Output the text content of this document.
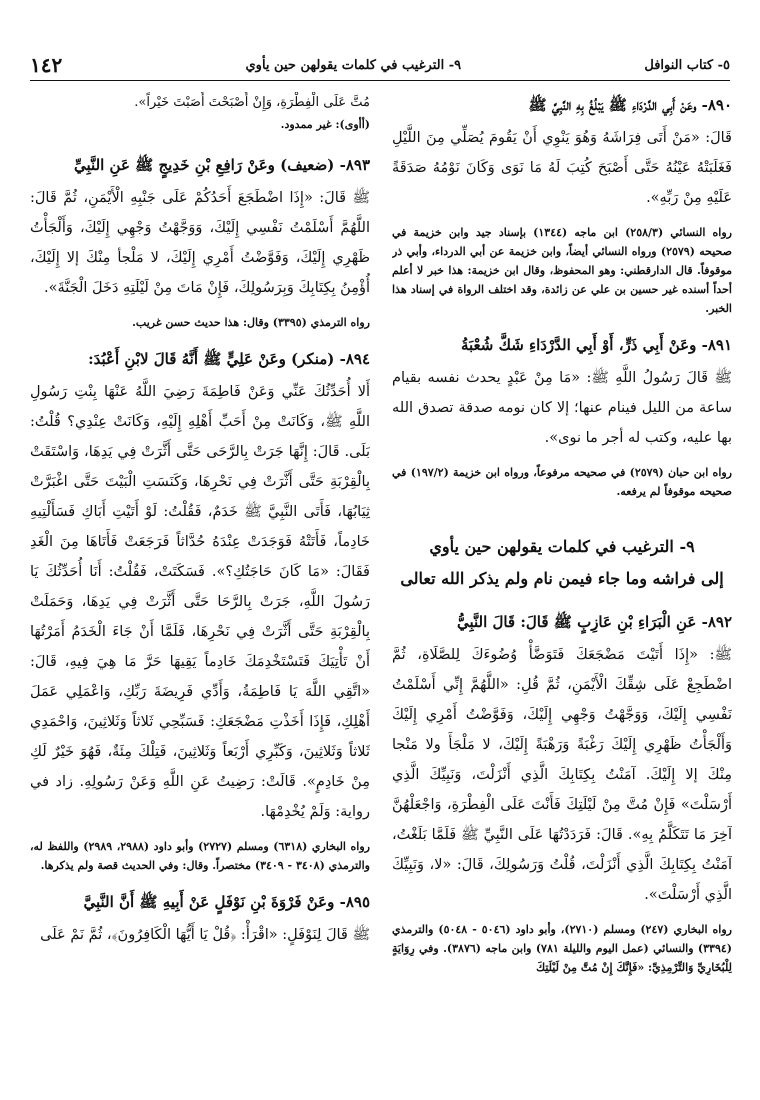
٥- كتاب النوافل
٩- الترغيب في كلمات يقولهن حين يأوي
١٤٢

٨٩٠- وعَنْ أَبِي الدَّرْدَاءِ ﷺ يَبْلُغُ بِهِ النَّبِيَّ ﷺ

قَالَ: «مَنْ أَتَى فِرَاشَهُ وَهُوَ يَنْوِي أَنْ يَقُومَ يُصَلِّي مِنَ اللَّيْلِ فَغَلَبَتْهُ عَيْنُهُ حَتَّى أَصْبَحَ كُتِبَ لَهُ مَا نَوَى وَكَانَ نَوْمُهُ صَدَقَةً عَلَيْهِ مِنْ رَبِّهِ».

رواه النسائي (٢٥٨/٣) ابن ماجه (١٣٤٤) بإسناد جيد وابن خزيمة في صحيحه (٢٥٧٩) ورواه النسائي أيضاً، وابن خزيمة عن أبي الدرداء، وأبي ذر موقوفاً. قال الدارقطني: وهو المحفوظ، وقال ابن خزيمة: هذا خبر لا أعلم أحداً أسنده غير حسين بن علي عن زائدة، وقد اختلف الرواة في إسناد هذا الخبر.

٨٩١- وعَنْ أَبِي ذَرٍّ، أَوْ أَبِي الدَّرْدَاءِ شَكَّ شُعْبَةُ

ﷺ قَالَ رَسُولُ اللَّهِ ﷺ: «مَا مِنْ عَبْدٍ يحدث نفسه بقيام ساعة من الليل فينام عنها؛ إلا كان نومه صدقة تصدق الله بها عليه، وكتب له أجر ما نوى».

رواه ابن حبان (٢٥٧٩) في صحيحه مرفوعاً، ورواه ابن خزيمة (١٩٧/٢) في صحيحه موقوفاً لم يرفعه.

٩- الترغيب في كلمات يقولهن حين يأوي
إلى فراشه وما جاء فيمن نام ولم يذكر الله تعالى

٨٩٢- عَنِ الْبَرَاءِ بْنِ عَازِبٍ ﷺ قَالَ: قَالَ النَّبِيُّ

ﷺ: «إِذَا أَتَيْتَ مَضْجَعَكَ فَتَوَضَّأْ وُضُوءَكَ لِلصَّلَاةِ، ثُمَّ اضْطَجِعْ عَلَى شِقِّكَ الْأَيْمَنِ، ثُمَّ قُلِ: «اللَّهُمَّ إِنِّي أَسْلَمْتُ نَفْسِي إِلَيْكَ، وَوَجَّهْتُ وَجْهِي إِلَيْكَ، وَفَوَّضْتُ أَمْرِي إِلَيْكَ وَأَلْجَأْتُ ظَهْرِي إِلَيْكَ رَغْبَةً وَرَهْبَةً إِلَيْكَ، لا مَلْجَأَ ولا مَنْجا مِنْكَ إلا إِلَيْكَ. آمَنْتُ بِكِتَابِكَ الَّذِي أَنْزَلْتَ، وَنَبِيِّكَ الَّذِي أَرْسَلْتَ» فَإِنْ مُتَّ مِنْ لَيْلَتِكَ فَأَنْتَ عَلَى الْفِطْرَةِ، وَاجْعَلْهُنَّ آخِرَ مَا تَتَكَلَّمُ بِهِ». قَالَ: فَرَدَدْتُهَا عَلَى النَّبِيِّ ﷺ فَلَمَّا بَلَغْتُ، آمَنْتُ بِكِتَابِكَ الَّذِي أَنْزَلْتَ، قُلْتُ وَرَسُولِكَ، قَالَ: «لا، وَنَبِيِّكَ الَّذِي أَرْسَلْتَ».

رواه البخاري (٢٤٧) ومسلم (٢٧١٠)، وأبو داود (٥٠٤٦ - ٥٠٤٨) والترمذي (٣٣٩٤) والنسائي (عمل اليوم والليلة ٧٨١) وابن ماجه (٣٨٧٦). وفي رِوَايَةٍ لِلْبُخَارِيِّ وَالتِّرْمِذِيِّ: «فَإِنَّكَ إِنْ مُتَّ مِنْ لَيْلَتِكَ

مُتَّ عَلَى الْفِطْرَةِ، وَإِنْ أَصْبَحْتَ أَصَبْتَ خَيْراً».

(أأوى): غير ممدود.

٨٩٣- (ضعيف) وعَنْ رَافِعِ بْنِ خَدِيجٍ ﷺ عَنِ النَّبِيِّ

ﷺ قَالَ: «إِذَا اضْطَجَعَ أَحَدُكُمْ عَلَى جَنْبِهِ الْأَيْمَنِ، ثُمَّ قَالَ: اللَّهُمَّ أَسْلَمْتُ نَفْسِي إِلَيْكَ، وَوَجَّهْتُ وَجْهِي إِلَيْكَ، وَأَلْجَأْتُ ظَهْرِي إِلَيْكَ، وَفَوَّضْتُ أَمْرِي إِلَيْكَ، لا مَلْجأ مِنْكَ إلا إِلَيْكَ، أُؤْمِنُ بِكِتَابِكَ وَبِرَسُولِكَ، فَإِنْ مَاتَ مِنْ لَيْلَتِهِ دَخَلَ الْجَنَّةَ».

رواه الترمذي (٣٣٩٥) وقال: هذا حديث حسن غريب.

٨٩٤- (منكر) وعَنْ عَلِيٍّ ﷺ أَنَّهُ قَالَ لابْنِ أَعْبُدَ:

أَلا أُحَدِّثُكَ عَنِّي وَعَنْ فَاطِمَةَ رَضِيَ اللَّهُ عَنْهَا بِنْتِ رَسُولِ اللَّهِ ﷺ، وَكَانَتْ مِنْ أَحَبِّ أَهْلِهِ إِلَيْهِ، وَكَانَتْ عِنْدِي؟ قُلْتُ: بَلَى. قَالَ: إِنَّهَا جَرَتْ بِالرَّحَى حَتَّى أَثَّرَتْ فِي يَدِهَا، وَاسْتَقَتْ بِالْقِرْبَةِ حَتَّى أَثَّرَتْ فِي نَحْرِهَا، وَكَنَسَتِ الْبَيْتَ حَتَّى اغْبَرَّتْ ثِيَابُهَا، فَأَتَى النَّبِيَّ ﷺ خَدَمٌ، فَقُلْتُ: لَوْ أَتَيْتِ أَبَاكِ فَسَأَلْتِيهِ خَادِماً، فَأَتَتْهُ فَوَجَدَتْ عِنْدَهُ حُدَّاثاً فَرَجَعَتْ فَأَتَاهَا مِنَ الْغَدِ فَقَالَ: «مَا كَانَ حَاجَتُكِ؟». فَسَكَتَتْ، فَقُلْتُ: أَنَا أُحَدِّثُكَ يَا رَسُولَ اللَّهِ، جَرَتْ بِالرَّحَا حَتَّى أَثَّرَتْ فِي يَدِهَا، وَحَمَلَتْ بِالْقِرْبَةِ حَتَّى أَثَّرَتْ فِي نَحْرِهَا، فَلَمَّا أَنْ جَاءَ الْخَدَمُ أَمَرْتُهَا أَنْ تَأْتِيَكَ فَتَسْتَخْدِمَكَ خَادِماً يَقِيهَا حَرَّ مَا هِيَ فِيهِ، قَالَ: «اتَّقِي اللَّهَ يَا فَاطِمَةُ، وَأَدِّي فَرِيضَةَ رَبِّكِ، وَاعْمَلِي عَمَلَ أَهْلِكِ، فَإِذَا أَخَذْتِ مَضْجَعَكِ: فَسَبِّحِي ثَلاثاً وَثَلاثِينَ، وَاحْمَدِي ثَلاثاً وَثَلاثِينَ، وَكَبِّرِي أَرْبَعاً وَثَلاثِينَ، فَتِلْكَ مِئَةٌ، فَهُوَ خَيْرٌ لَكِ مِنْ خَادِمٍ». قَالَتْ: رَضِيتُ عَنِ اللَّهِ وَعَنْ رَسُولِهِ. زاد في رواية: وَلَمْ يُخْدِمْهَا.

رواه البخاري (٦٣١٨) ومسلم (٢٧٢٧) وأبو داود (٢٩٨٨، ٢٩٨٩) واللفظ له، والترمذي (٣٤٠٨ - ٣٤٠٩) مختصراً. وقال: وفي الحديث قصة ولم يذكرها.

٨٩٥- وعَنْ فَرْوَةَ بْنِ نَوْفَلٍ عَنْ أَبِيهِ ﷺ أَنَّ النَّبِيَّ

ﷺ قَالَ لِنَوْفَلٍ: «اقْرَأْ: ﴿قُلْ يَا أَيُّهَا الْكَافِرُونَ﴾، ثُمَّ نَمْ عَلَى
